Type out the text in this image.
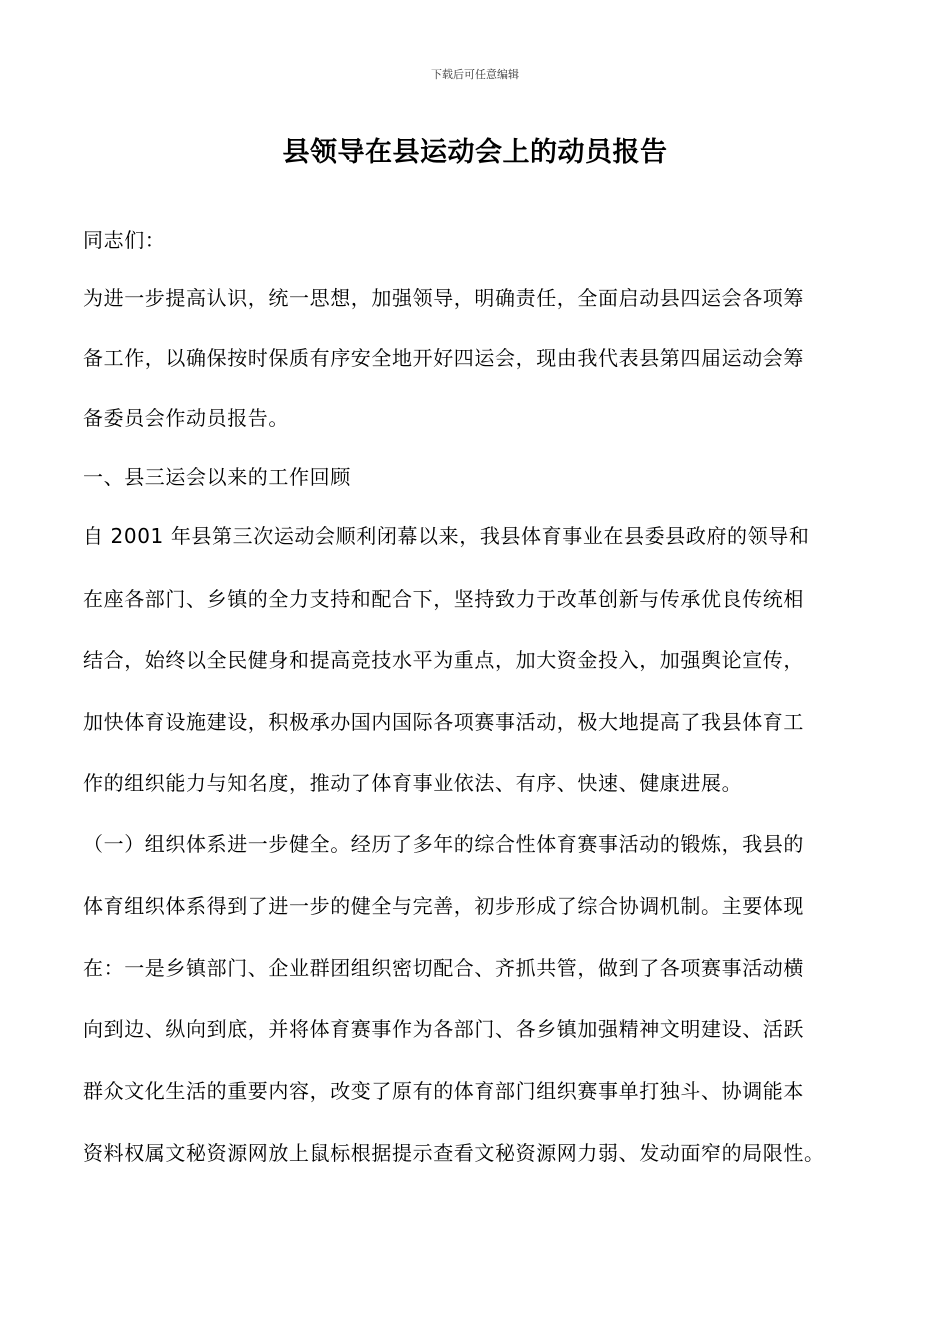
下载后可任意编辑
县领导在县运动会上的动员报告
同志们：
为进一步提高认识，统一思想，加强领导，明确责任，全面启动县四运会各项筹
备工作，以确保按时保质有序安全地开好四运会，现由我代表县第四届运动会筹
备委员会作动员报告。
一、县三运会以来的工作回顾
自 2001 年县第三次运动会顺利闭幕以来，我县体育事业在县委县政府的领导和
在座各部门、乡镇的全力支持和配合下，坚持致力于改革创新与传承优良传统相
结合，始终以全民健身和提高竞技水平为重点，加大资金投入，加强舆论宣传，
加快体育设施建设，积极承办国内国际各项赛事活动，极大地提高了我县体育工
作的组织能力与知名度，推动了体育事业依法、有序、快速、健康进展。
（一）组织体系进一步健全。经历了多年的综合性体育赛事活动的锻炼，我县的
体育组织体系得到了进一步的健全与完善，初步形成了综合协调机制。主要体现
在：一是乡镇部门、企业群团组织密切配合、齐抓共管，做到了各项赛事活动横
向到边、纵向到底，并将体育赛事作为各部门、各乡镇加强精神文明建设、活跃
群众文化生活的重要内容，改变了原有的体育部门组织赛事单打独斗、协调能本
资料权属文秘资源网放上鼠标根据提示查看文秘资源网力弱、发动面窄的局限性。
